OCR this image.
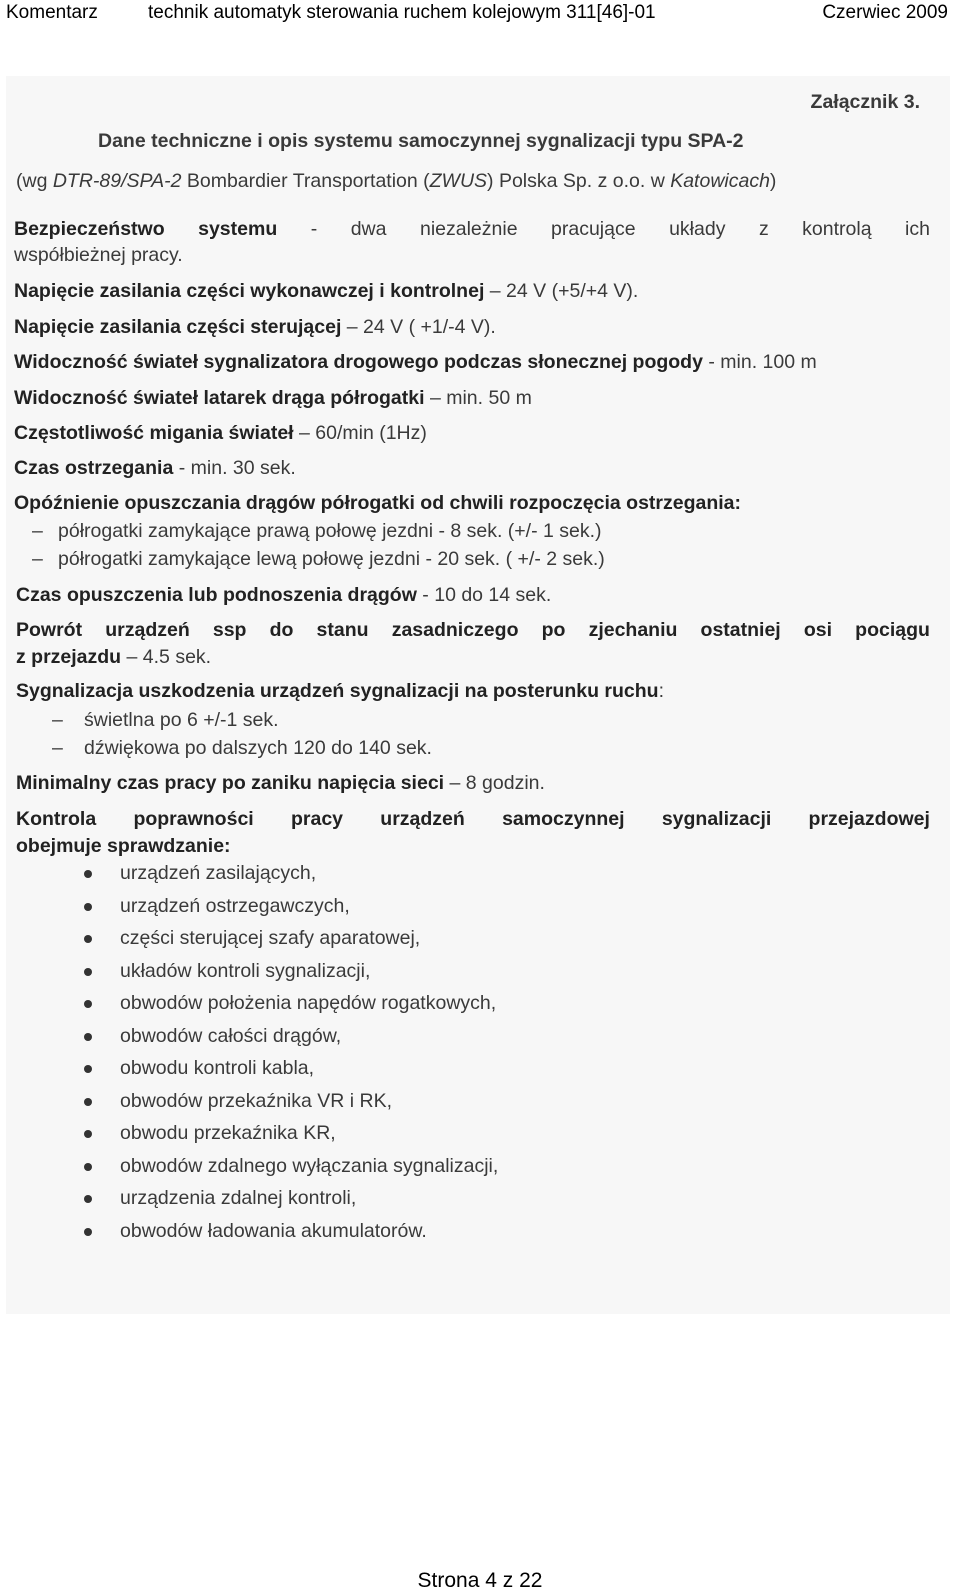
Komentarz	technik automatyk sterowania ruchem kolejowym 311[46]-01	Czerwiec 2009
Załącznik 3.
Dane techniczne i opis systemu samoczynnej sygnalizacji typu SPA-2
(wg DTR-89/SPA-2 Bombardier Transportation (ZWUS) Polska Sp. z o.o. w Katowicach)
Bezpieczeństwo systemu - dwa niezależnie pracujące układy z kontrolą ich
współbieżnej pracy.
Napięcie zasilania części wykonawczej i kontrolnej – 24 V (+5/+4 V).
Napięcie zasilania części sterującej – 24 V ( +1/-4 V).
Widoczność świateł sygnalizatora drogowego podczas słonecznej pogody - min. 100 m
Widoczność świateł latarek drąga półrogatki – min. 50 m
Częstotliwość migania świateł – 60/min (1Hz)
Czas ostrzegania - min. 30 sek.
Opóźnienie opuszczania drągów półrogatki od chwili rozpoczęcia ostrzegania:
– półrogatki zamykające prawą połowę jezdni - 8 sek. (+/- 1 sek.)
– półrogatki zamykające lewą połowę jezdni - 20 sek. ( +/- 2 sek.)
Czas opuszczenia lub podnoszenia drągów - 10 do 14 sek.
Powrót urządzeń ssp do stanu zasadniczego po zjechaniu ostatniej osi pociągu
z przejazdu – 4.5 sek.
Sygnalizacja uszkodzenia urządzeń sygnalizacji na posterunku ruchu:
– świetlna po 6 +/-1 sek.
– dźwiękowa po dalszych 120 do 140 sek.
Minimalny czas pracy po zaniku napięcia sieci – 8 godzin.
Kontrola poprawności pracy urządzeń samoczynnej sygnalizacji przejazdowej
obejmuje sprawdzanie:
urządzeń zasilających,
urządzeń ostrzegawczych,
części sterującej szafy aparatowej,
układów kontroli sygnalizacji,
obwodów położenia napędów rogatkowych,
obwodów całości drągów,
obwodu kontroli kabla,
obwodów przekaźnika VR i RK,
obwodu przekaźnika KR,
obwodów zdalnego wyłączania sygnalizacji,
urządzenia zdalnej kontroli,
obwodów ładowania akumulatorów.
Strona 4 z 22
